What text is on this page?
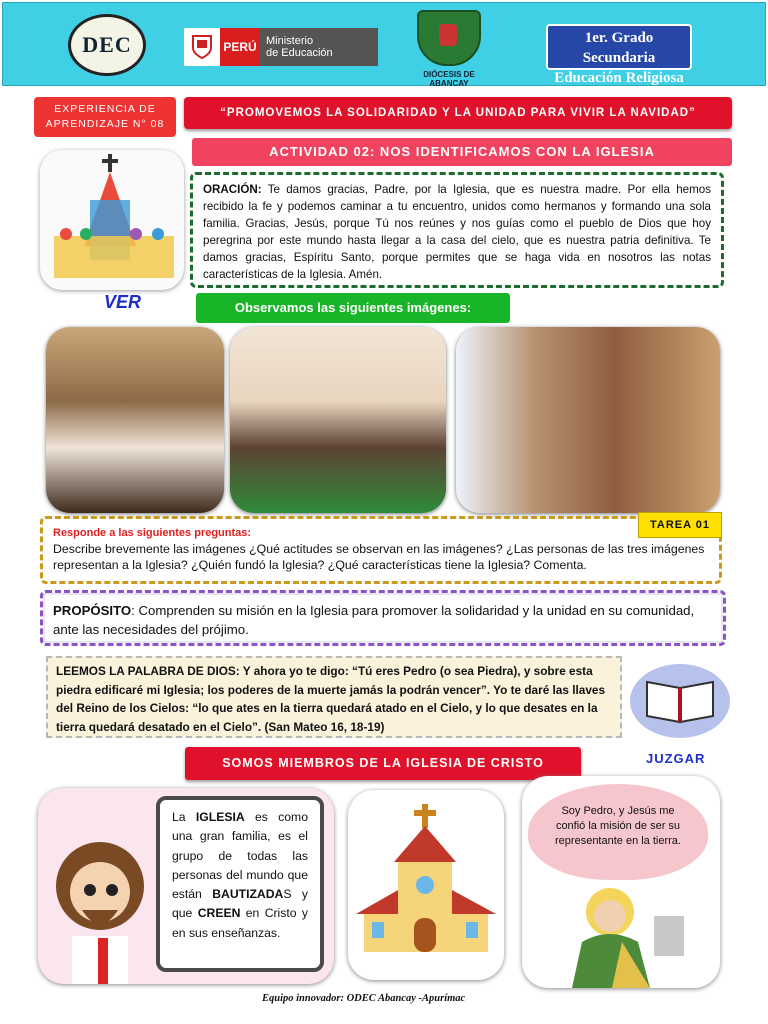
DEC	PERÚ Ministerio
de Educación
DIÓCESIS DE ABANCAY
1er. Grado Secundaria
Educación Religiosa
EXPERIENCIA DE
APRENDIZAJE N° 08
“PROMOVEMOS LA SOLIDARIDAD Y LA UNIDAD PARA VIVIR LA NAVIDAD”
ACTIVIDAD 02: NOS IDENTIFICAMOS CON LA IGLESIA
ORACIÓN: Te damos gracias, Padre, por la Iglesia, que es nuestra madre. Por ella hemos recibido la fe y podemos caminar a tu encuentro, unidos como hermanos y formando una sola familia. Gracias, Jesús, porque Tú nos reúnes y nos guías como el pueblo de Dios que hoy peregrina por este mundo hasta llegar a la casa del cielo, que es nuestra patria definitiva. Te damos gracias, Espíritu Santo, porque permites que se haga vida en nosotros las notas características de la Iglesia. Amén.
VER	Observamos las siguientes imágenes:
Responde a las siguientes preguntas:
Describe brevemente las imágenes ¿Qué actitudes se observan en las imágenes? ¿Las personas de las tres imágenes representan a la Iglesia? ¿Quién fundó la Iglesia? ¿Qué características tiene la Iglesia? Comenta.
TAREA 01
PROPÓSITO: Comprenden su misión en la Iglesia para promover la solidaridad y la unidad en su comunidad, ante las necesidades del prójimo.
LEEMOS LA PALABRA DE DIOS: Y ahora yo te digo: “Tú eres Pedro (o sea Piedra), y sobre esta piedra edificaré mi Iglesia; los poderes de la muerte jamás la podrán vencer”. Yo te daré las llaves del Reino de los Cielos: “lo que ates en la tierra quedará atado en el Cielo, y lo que desates en la tierra quedará desatado en el Cielo”. (San Mateo 16, 18-19)
JUZGAR
SOMOS MIEMBROS DE LA IGLESIA DE CRISTO
La IGLESIA es como una gran familia, es el grupo de todas las personas del mundo que están BAUTIZADAS y que CREEN en Cristo y en sus enseñanzas.
Soy Pedro, y Jesús me confió la misión de ser su representante en la tierra.
Equipo innovador: ODEC Abancay -Apurímac
